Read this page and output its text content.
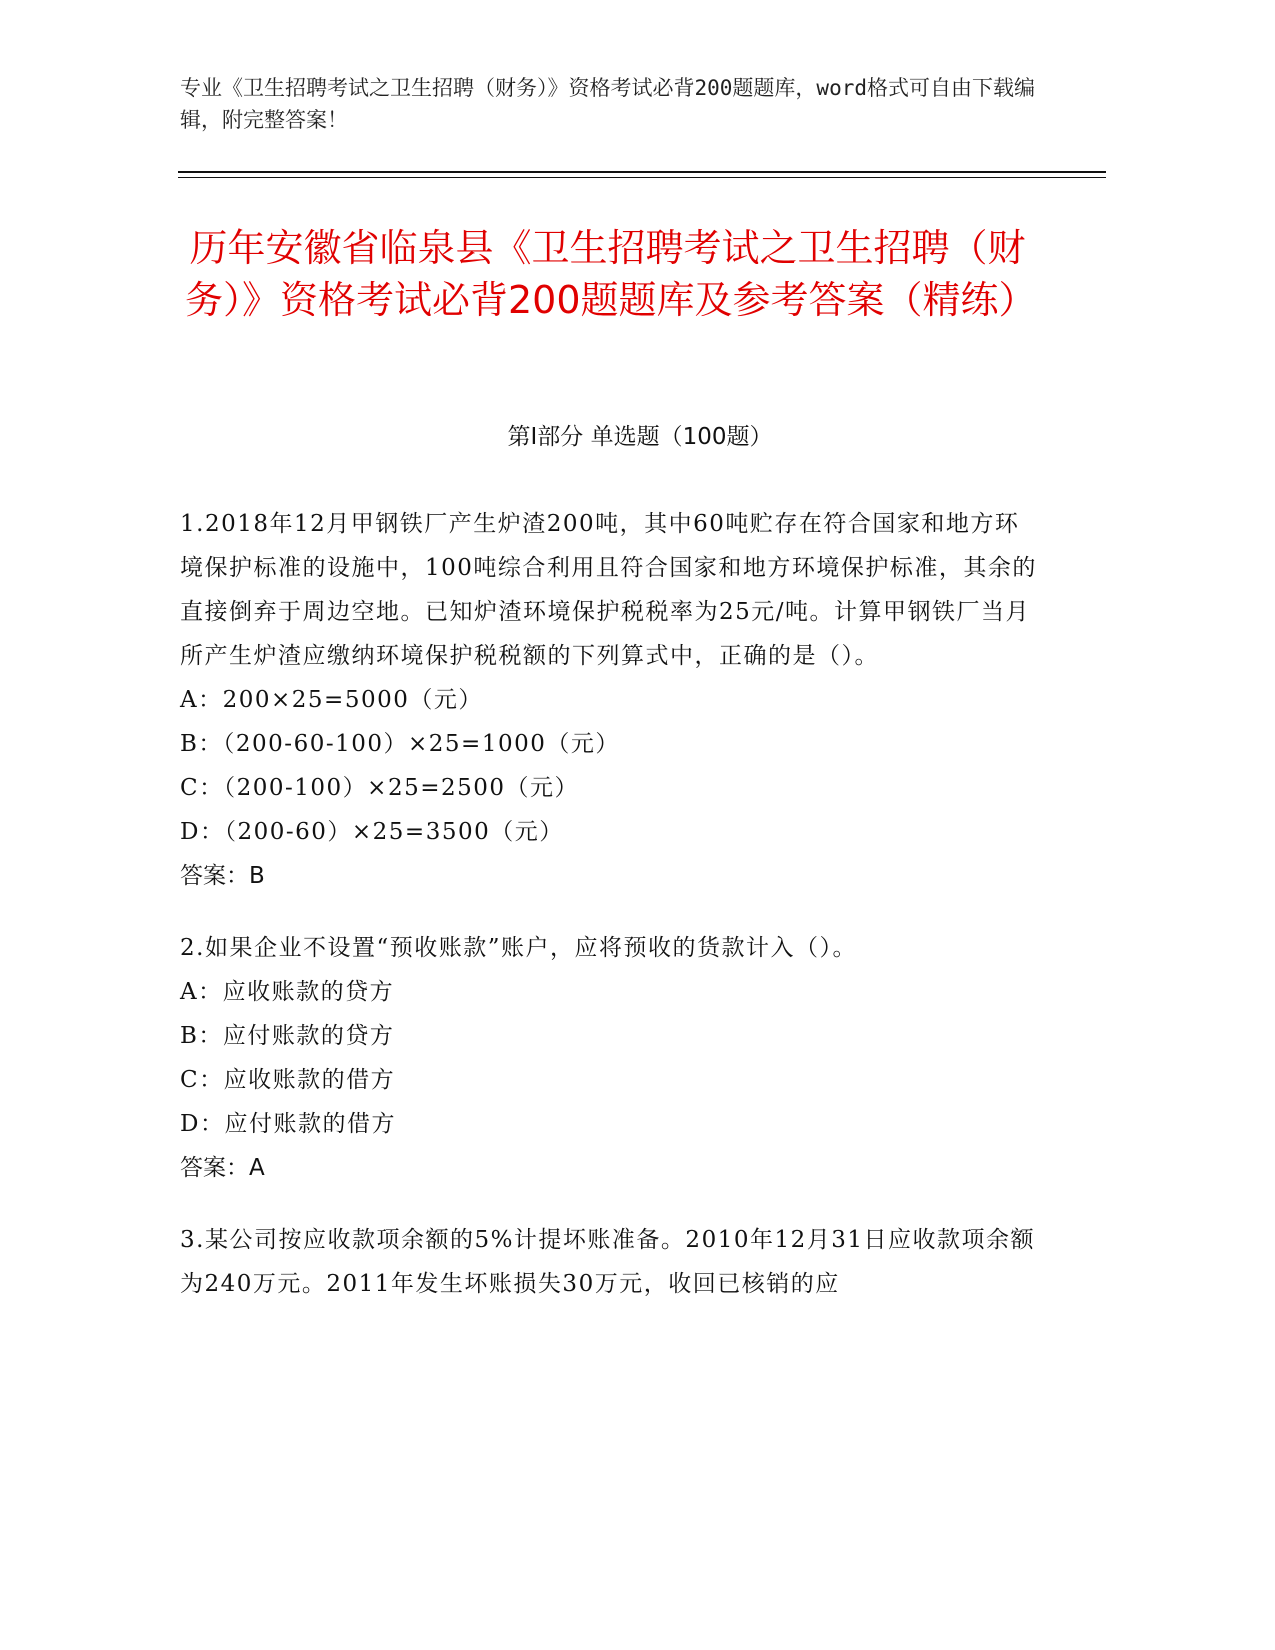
专业《卫生招聘考试之卫生招聘（财务）》资格考试必背200题题库，word格式可自由下载编辑，附完整答案！
历年安徽省临泉县《卫生招聘考试之卫生招聘（财务）》资格考试必背200题题库及参考答案（精练）
第Ⅰ部分 单选题（100题）

1.2018年12月甲钢铁厂产生炉渣200吨，其中60吨贮存在符合国家和地方环境保护标准的设施中，100吨综合利用且符合国家和地方环境保护标准，其余的直接倒弃于周边空地。已知炉渣环境保护税税率为25元/吨。计算甲钢铁厂当月所产生炉渣应缴纳环境保护税税额的下列算式中，正确的是（）。

A：200×25=5000（元）

B：（200-60-100）×25=1000（元）

C：（200-100）×25=2500（元）

D：（200-60）×25=3500（元）

答案：B

2.如果企业不设置“预收账款”账户，应将预收的货款计入（）。

A：应收账款的贷方

B：应付账款的贷方

C：应收账款的借方

D：应付账款的借方

答案：A

3.某公司按应收款项余额的5%计提坏账准备。2010年12月31日应收款项余额为240万元。2011年发生坏账损失30万元，收回已核销的应
